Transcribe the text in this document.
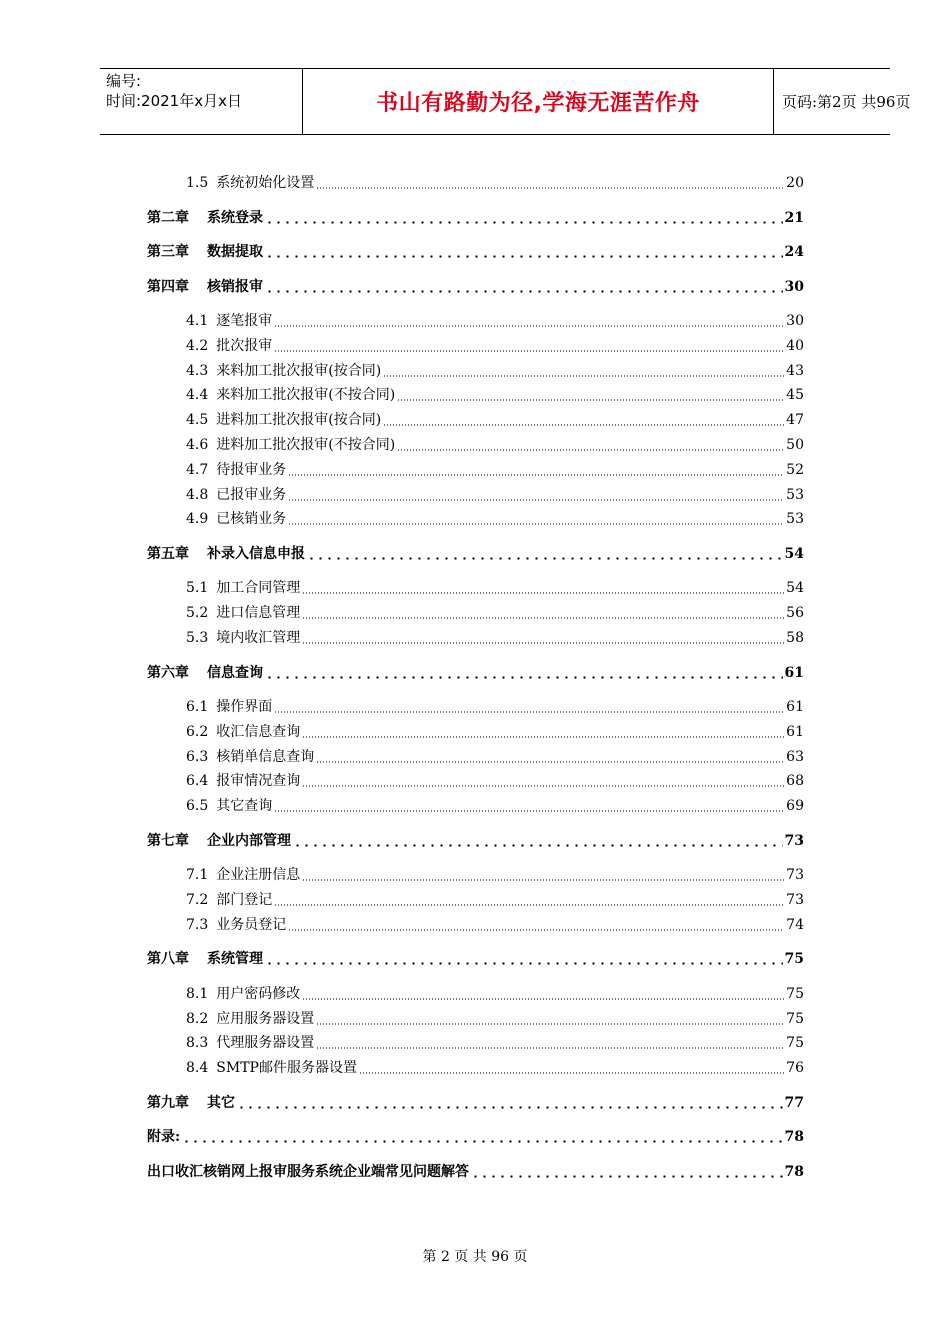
编号:
时间:2021年x月x日	书山有路勤为径,学海无涯苦作舟	页码:第2页 共96页
1.5 系统初始化设置	20
第二章 系统登录	21
第三章 数据提取	24
第四章 核销报审	30
4.1 逐笔报审	30
4.2 批次报审	40
4.3 来料加工批次报审(按合同)	43
4.4 来料加工批次报审(不按合同)	45
4.5 进料加工批次报审(按合同)	47
4.6 进料加工批次报审(不按合同)	50
4.7 待报审业务	52
4.8 已报审业务	53
4.9 已核销业务	53
第五章 补录入信息申报	54
5.1 加工合同管理	54
5.2 进口信息管理	56
5.3 境内收汇管理	58
第六章 信息查询	61
6.1 操作界面	61
6.2 收汇信息查询	61
6.3 核销单信息查询	63
6.4 报审情况查询	68
6.5 其它查询	69
第七章 企业内部管理	73
7.1 企业注册信息	73
7.2 部门登记	73
7.3 业务员登记	74
第八章 系统管理	75
8.1 用户密码修改	75
8.2 应用服务器设置	75
8.3 代理服务器设置	75
8.4 SMTP邮件服务器设置	76
第九章 其它	77
附录:	78
出口收汇核销网上报审服务系统企业端常见问题解答	78
第 2 页 共 96 页
